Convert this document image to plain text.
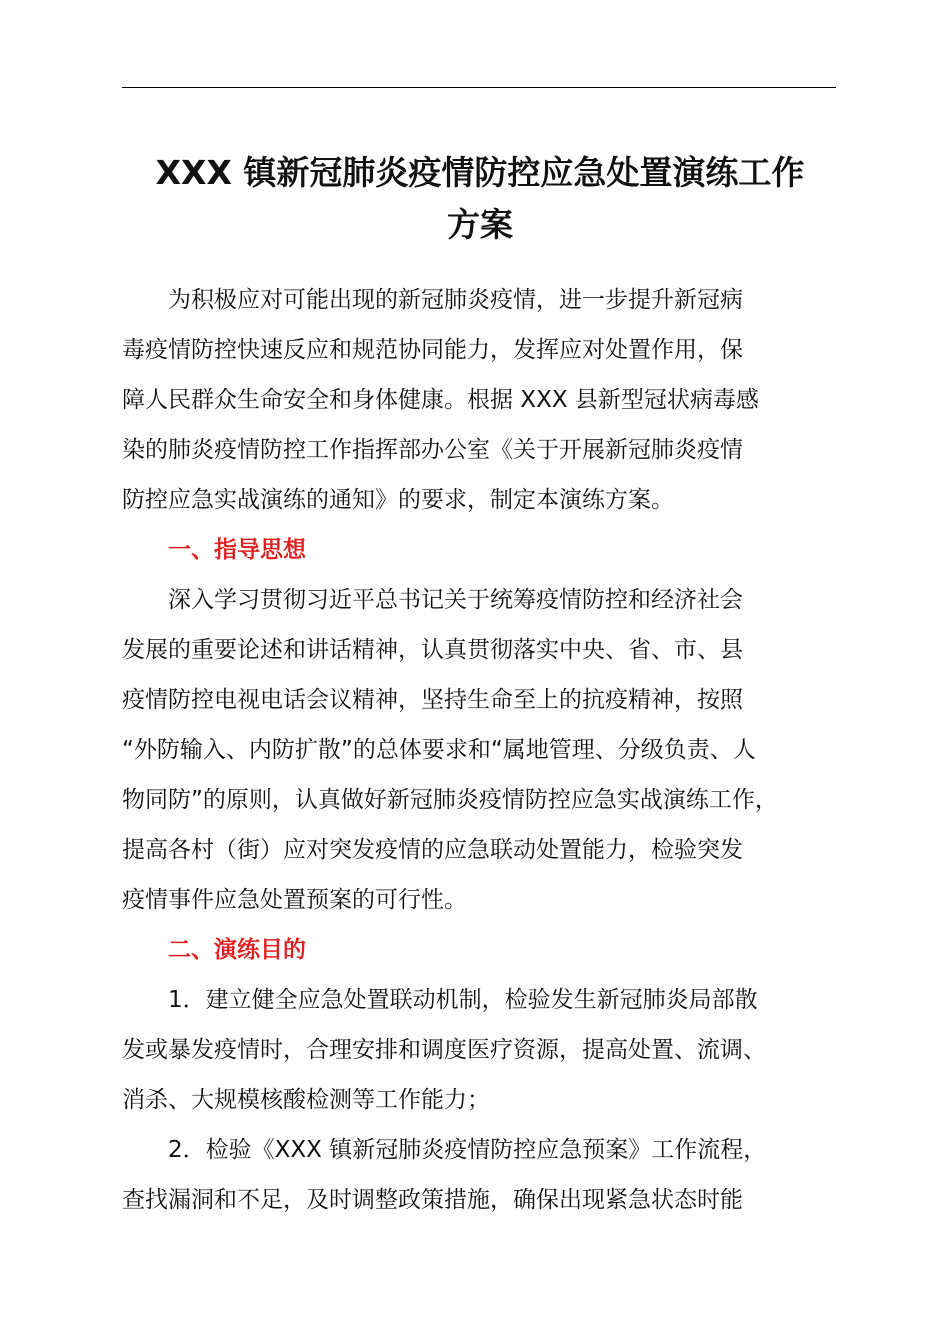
XXX 镇新冠肺炎疫情防控应急处置演练工作
方案

为积极应对可能出现的新冠肺炎疫情，进一步提升新冠病
毒疫情防控快速反应和规范协同能力，发挥应对处置作用，保
障人民群众生命安全和身体健康。根据 XXX 县新型冠状病毒感
染的肺炎疫情防控工作指挥部办公室《关于开展新冠肺炎疫情
防控应急实战演练的通知》的要求，制定本演练方案。

一、指导思想

深入学习贯彻习近平总书记关于统筹疫情防控和经济社会
发展的重要论述和讲话精神，认真贯彻落实中央、省、市、县
疫情防控电视电话会议精神，坚持生命至上的抗疫精神，按照
“外防输入、内防扩散”的总体要求和“属地管理、分级负责、人
物同防”的原则，认真做好新冠肺炎疫情防控应急实战演练工作，
提高各村（街）应对突发疫情的应急联动处置能力，检验突发
疫情事件应急处置预案的可行性。

二、演练目的

1．建立健全应急处置联动机制，检验发生新冠肺炎局部散
发或暴发疫情时，合理安排和调度医疗资源，提高处置、流调、
消杀、大规模核酸检测等工作能力；

2．检验《XXX 镇新冠肺炎疫情防控应急预案》工作流程，
查找漏洞和不足，及时调整政策措施，确保出现紧急状态时能
